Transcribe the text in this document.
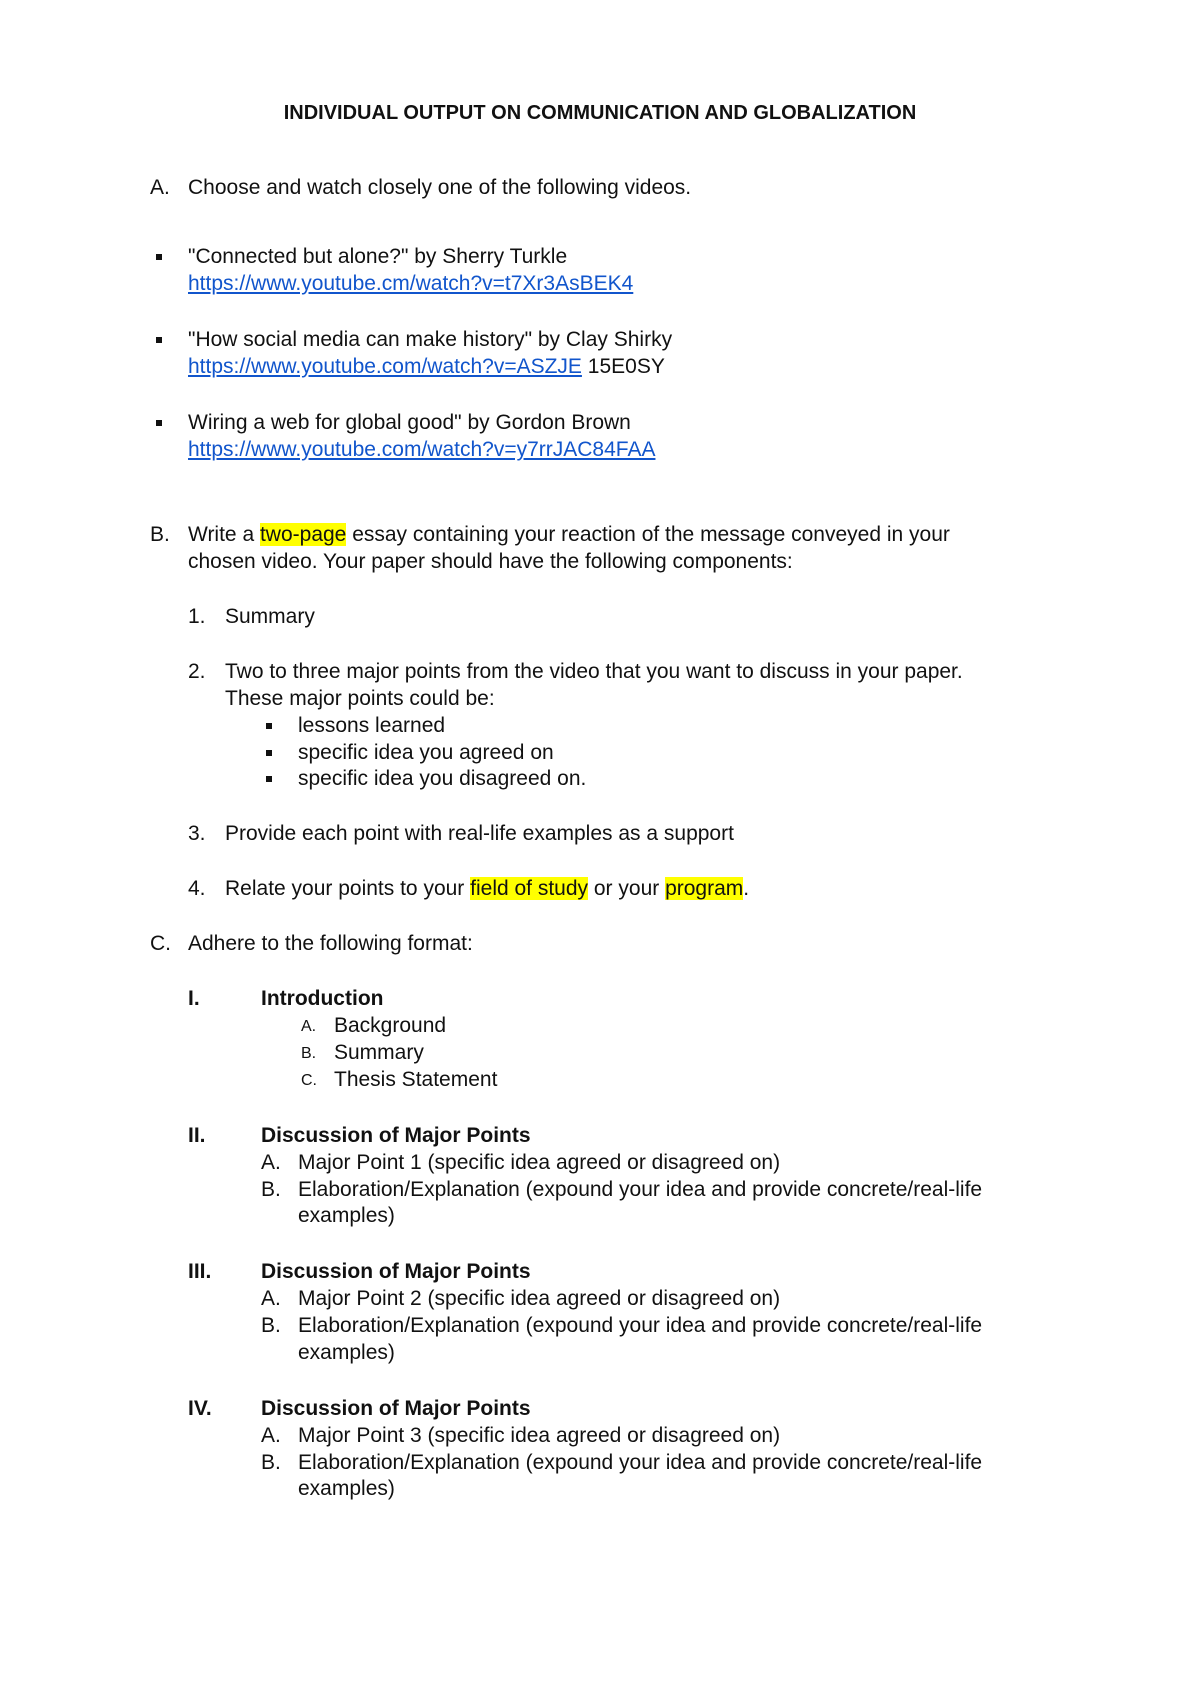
INDIVIDUAL OUTPUT ON COMMUNICATION AND GLOBALIZATION
A. Choose and watch closely one of the following videos.
"Connected but alone?" by Sherry Turkle
https://www.youtube.cm/watch?v=t7Xr3AsBEK4
"How social media can make history" by Clay Shirky
https://www.youtube.com/watch?v=ASZJE 15E0SY
Wiring a web for global good" by Gordon Brown
https://www.youtube.com/watch?v=y7rrJAC84FAA
B. Write a two-page essay containing your reaction of the message conveyed in your
chosen video. Your paper should have the following components:
1. Summary
2. Two to three major points from the video that you want to discuss in your paper.
These major points could be:
lessons learned
specific idea you agreed on
specific idea you disagreed on.
3. Provide each point with real-life examples as a support
4. Relate your points to your field of study or your program.
C. Adhere to the following format:
I.	Introduction
A. Background
B. Summary
C. Thesis Statement
II.	Discussion of Major Points
A. Major Point 1 (specific idea agreed or disagreed on)
B. Elaboration/Explanation (expound your idea and provide concrete/real-life
examples)
III. Discussion of Major Points
A. Major Point 2 (specific idea agreed or disagreed on)
B. Elaboration/Explanation (expound your idea and provide concrete/real-life
examples)
IV. Discussion of Major Points
A. Major Point 3 (specific idea agreed or disagreed on)
B. Elaboration/Explanation (expound your idea and provide concrete/real-life
examples)
